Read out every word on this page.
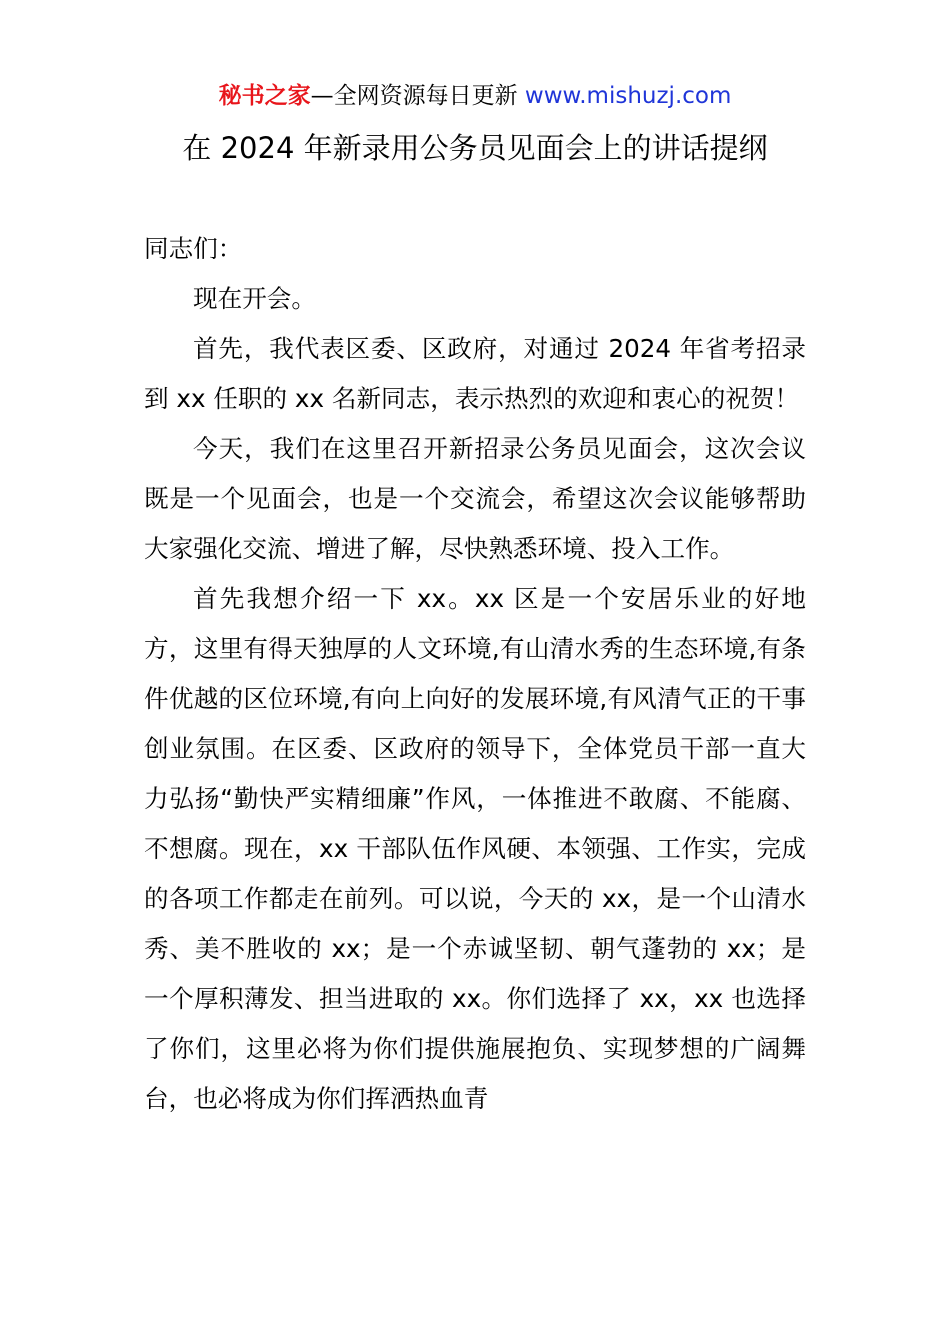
秘书之家—全网资源每日更新 www.mishuzj.com
在 2024 年新录用公务员见面会上的讲话提纲

同志们：

现在开会。

首先，我代表区委、区政府，对通过 2024 年省考招录到 xx 任职的 xx 名新同志，表示热烈的欢迎和衷心的祝贺！

今天，我们在这里召开新招录公务员见面会，这次会议既是一个见面会，也是一个交流会，希望这次会议能够帮助大家强化交流、增进了解，尽快熟悉环境、投入工作。

首先我想介绍一下 xx。xx 区是一个安居乐业的好地方，这里有得天独厚的人文环境,有山清水秀的生态环境,有条件优越的区位环境,有向上向好的发展环境,有风清气正的干事创业氛围。在区委、区政府的领导下，全体党员干部一直大力弘扬“勤快严实精细廉”作风，一体推进不敢腐、不能腐、不想腐。现在，xx 干部队伍作风硬、本领强、工作实，完成的各项工作都走在前列。可以说，今天的 xx，是一个山清水秀、美不胜收的 xx；是一个赤诚坚韧、朝气蓬勃的 xx；是一个厚积薄发、担当进取的 xx。你们选择了 xx，xx 也选择了你们，这里必将为你们提供施展抱负、实现梦想的广阔舞台，也必将成为你们挥洒热血青
